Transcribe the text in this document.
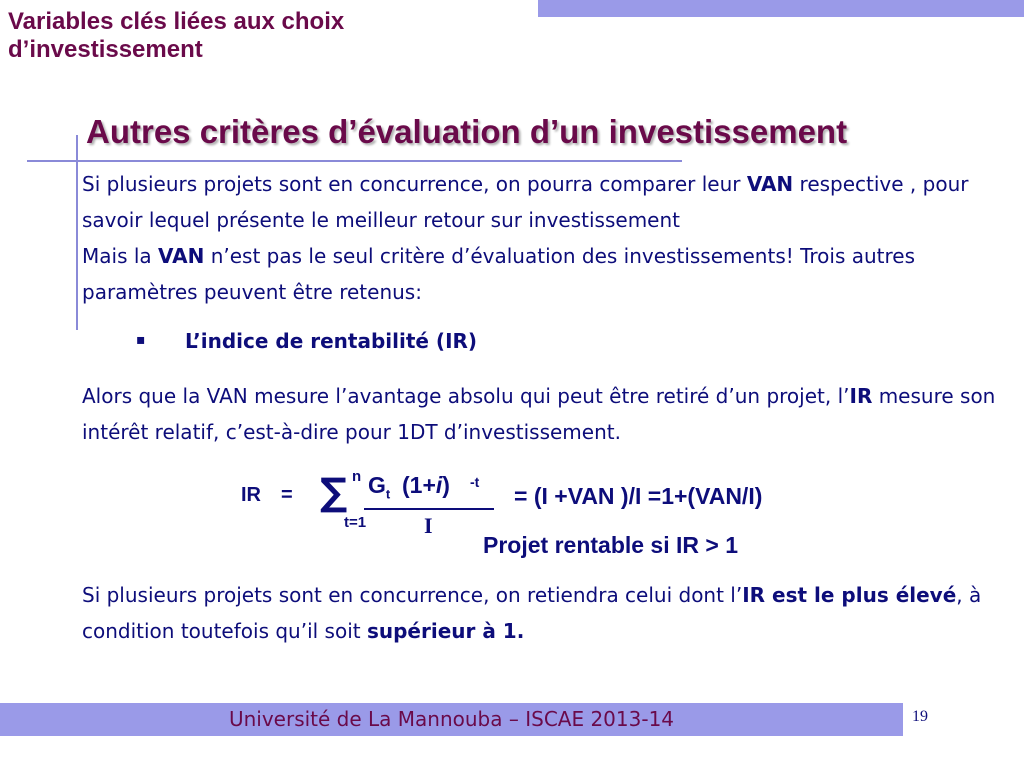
Variables clés liées aux choix
d’investissement
Autres critères d’évaluation d’un investissement
Si plusieurs projets sont en concurrence, on pourra comparer leur VAN respective , pour savoir lequel présente le meilleur retour sur investissement
Mais la VAN n’est pas le seul critère d’évaluation des investissements! Trois autres paramètres peuvent être retenus:
▪ L’indice de rentabilité (IR)
Alors que la VAN mesure l’avantage absolu qui peut être retiré d’un projet, l’IR mesure son intérêt relatif, c’est-à-dire pour 1DT d’investissement.
IR = ∑ n
t=1
$G_t$ (1+i) -t
I
= (I +VAN )/I =1+(VAN/I)
Projet rentable si IR > 1
Si plusieurs projets sont en concurrence, on retiendra celui dont l’IR est le plus élevé, à condition toutefois qu’il soit supérieur à 1.
Université de La Mannouba – ISCAE 2013-14	19
